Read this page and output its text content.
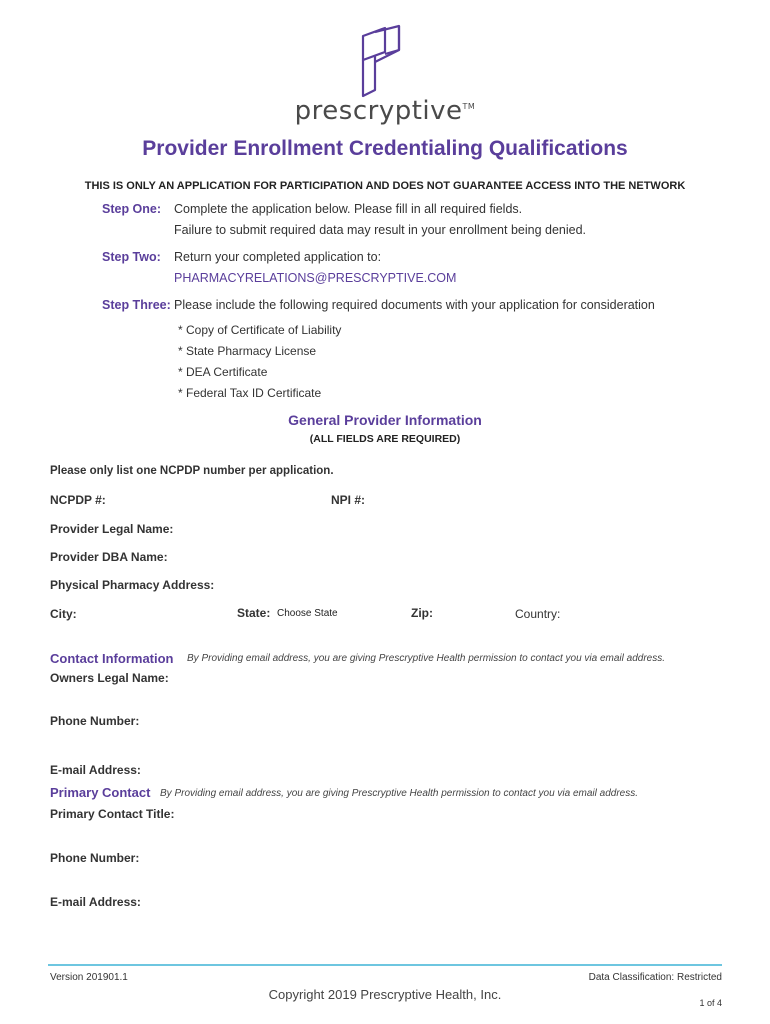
prescryptive™
Provider Enrollment Credentialing Qualifications
THIS IS ONLY AN APPLICATION FOR PARTICIPATION AND DOES NOT GUARANTEE ACCESS INTO THE NETWORK
Step One: Complete the application below. Please fill in all required fields.
Failure to submit required data may result in your enrollment being denied.
Step Two: Return your completed application to:
PHARMACYRELATIONS@PRESCRYPTIVE.COM
Step Three: Please include the following required documents with your application for consideration
* Copy of Certificate of Liability
* State Pharmacy License
* DEA Certificate
* Federal Tax ID Certificate
General Provider Information
(ALL FIELDS ARE REQUIRED)
Please only list one NCPDP number per application.
NCPDP #:	NPI #:
Provider Legal Name:
Provider DBA Name:
Physical Pharmacy Address:
City:	State: Choose State	Zip:	Country:
Contact Information By Providing email address, you are giving Prescryptive Health permission to contact you via email address.
Owners Legal Name:
Phone Number:
E-mail Address:
Primary Contact By Providing email address, you are giving Prescryptive Health permission to contact you via email address.
Primary Contact Title:
Phone Number:
E-mail Address:
Version 201901.1	Data Classification: Restricted
Copyright 2019 Prescryptive Health, Inc.
1 of 4
